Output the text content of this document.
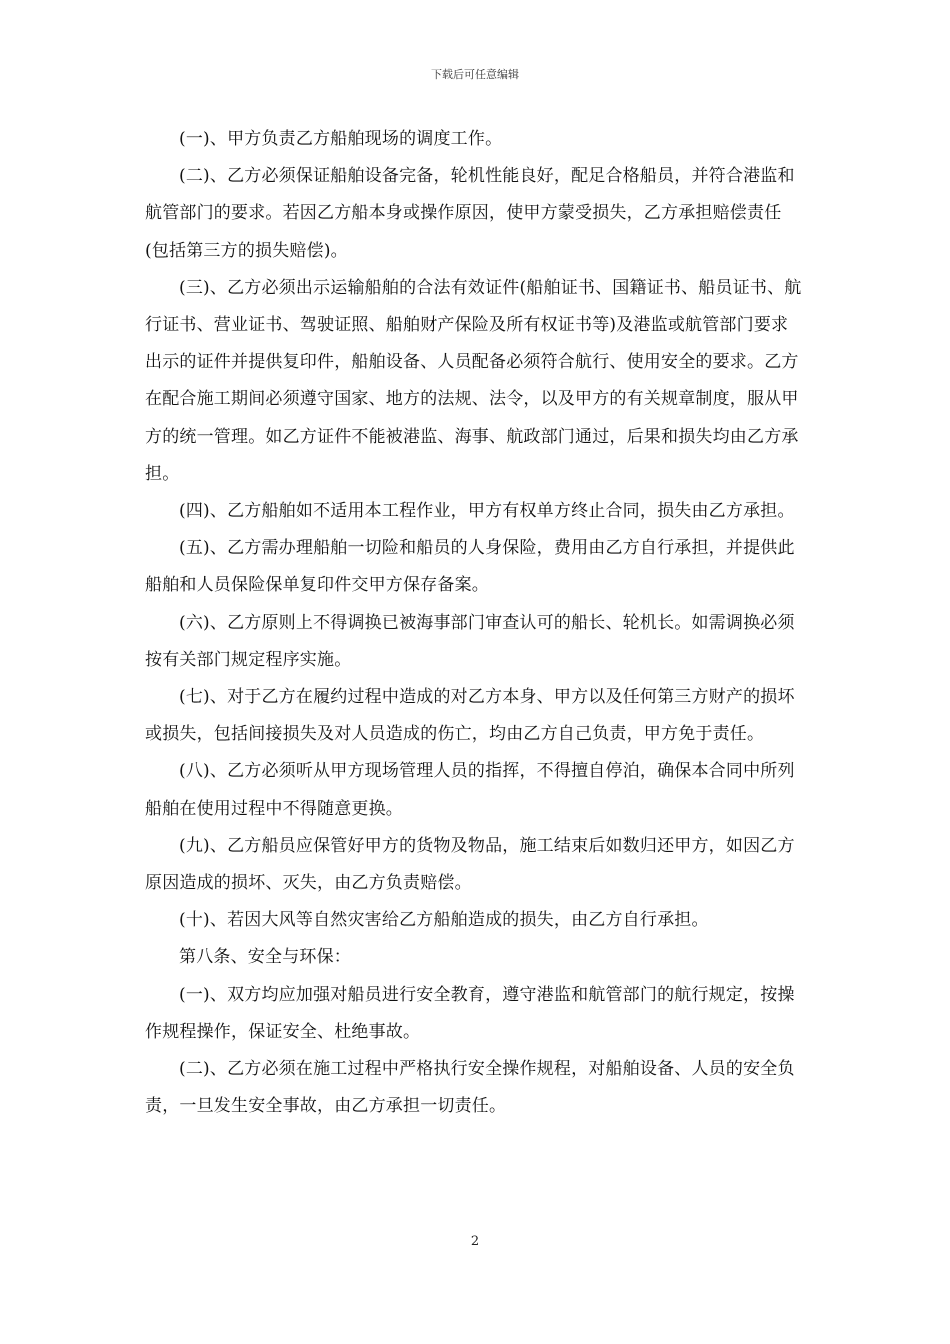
下载后可任意编辑

(一)、甲方负责乙方船舶现场的调度工作。

(二)、乙方必须保证船舶设备完备，轮机性能良好，配足合格船员，并符合港监和航管部门的要求。若因乙方船本身或操作原因，使甲方蒙受损失，乙方承担赔偿责任(包括第三方的损失赔偿)。

(三)、乙方必须出示运输船舶的合法有效证件(船舶证书、国籍证书、船员证书、航行证书、营业证书、驾驶证照、船舶财产保险及所有权证书等)及港监或航管部门要求出示的证件并提供复印件，船舶设备、人员配备必须符合航行、使用安全的要求。乙方在配合施工期间必须遵守国家、地方的法规、法令，以及甲方的有关规章制度，服从甲方的统一管理。如乙方证件不能被港监、海事、航政部门通过，后果和损失均由乙方承担。

(四)、乙方船舶如不适用本工程作业，甲方有权单方终止合同，损失由乙方承担。

(五)、乙方需办理船舶一切险和船员的人身保险，费用由乙方自行承担，并提供此船舶和人员保险保单复印件交甲方保存备案。

(六)、乙方原则上不得调换已被海事部门审查认可的船长、轮机长。如需调换必须按有关部门规定程序实施。

(七)、对于乙方在履约过程中造成的对乙方本身、甲方以及任何第三方财产的损坏或损失，包括间接损失及对人员造成的伤亡，均由乙方自己负责，甲方免于责任。

(八)、乙方必须听从甲方现场管理人员的指挥，不得擅自停泊，确保本合同中所列船舶在使用过程中不得随意更换。

(九)、乙方船员应保管好甲方的货物及物品，施工结束后如数归还甲方，如因乙方原因造成的损坏、灭失，由乙方负责赔偿。

(十)、若因大风等自然灾害给乙方船舶造成的损失，由乙方自行承担。

第八条、安全与环保：

(一)、双方均应加强对船员进行安全教育，遵守港监和航管部门的航行规定，按操作规程操作，保证安全、杜绝事故。

(二)、乙方必须在施工过程中严格执行安全操作规程，对船舶设备、人员的安全负责，一旦发生安全事故，由乙方承担一切责任。

2
